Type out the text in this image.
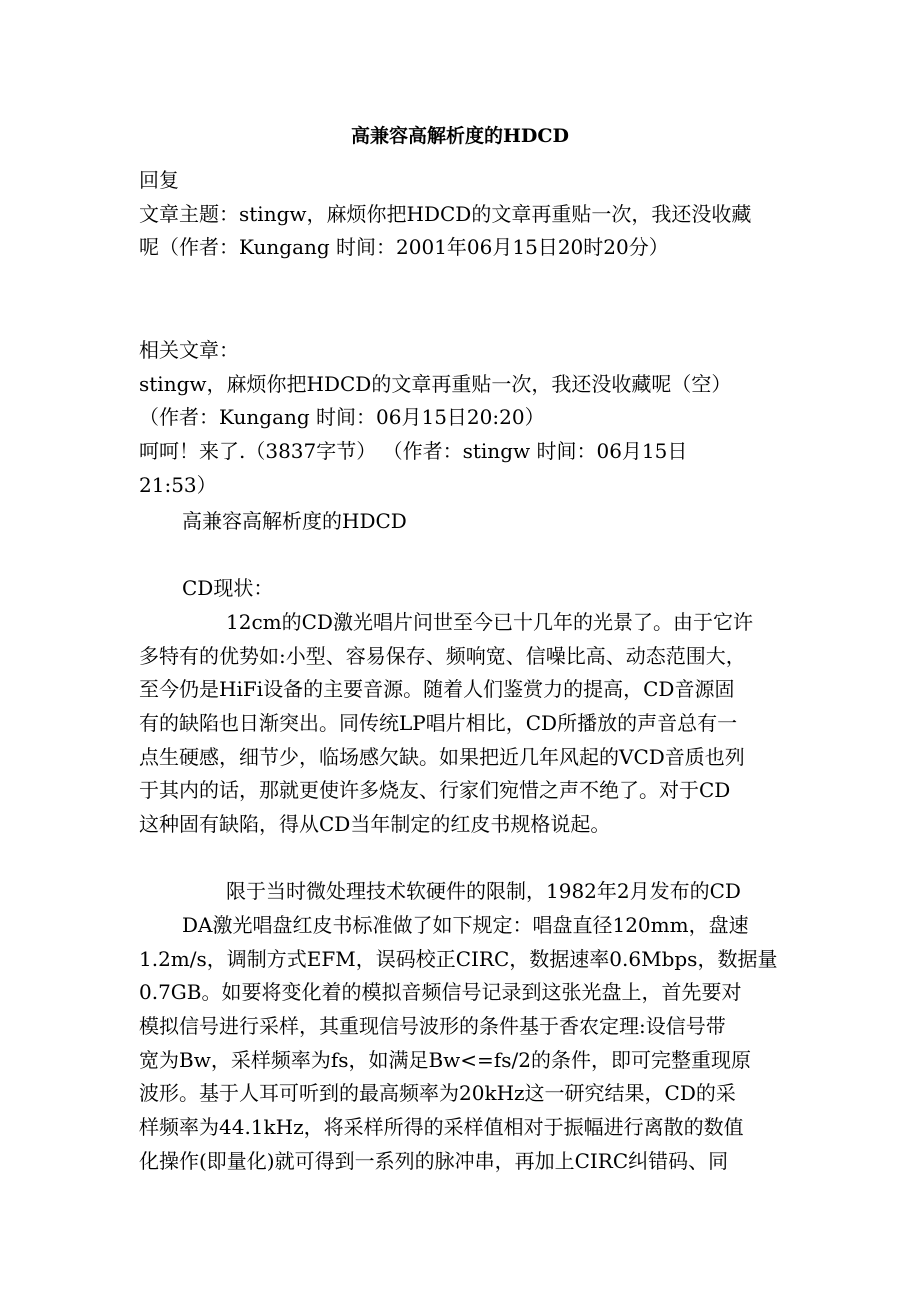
高兼容高解析度的HDCD
回复
文章主题：stingw，麻烦你把HDCD的文章再重贴一次，我还没收藏
呢（作者：Kungang 时间：2001年06月15日20时20分）
相关文章：
stingw，麻烦你把HDCD的文章再重贴一次，我还没收藏呢（空）
（作者：Kungang 时间：06月15日20:20）
呵呵！来了.（3837字节） （作者：stingw 时间：06月15日
21:53）
高兼容高解析度的HDCD
CD现状：
12cm的CD激光唱片问世至今已十几年的光景了。由于它许
多特有的优势如:小型、容易保存、频响宽、信噪比高、动态范围大，
至今仍是HiFi设备的主要音源。随着人们鉴赏力的提高，CD音源固
有的缺陷也日渐突出。同传统LP唱片相比，CD所播放的声音总有一
点生硬感，细节少，临场感欠缺。如果把近几年风起的VCD音质也列
于其内的话，那就更使许多烧友、行家们宛惜之声不绝了。对于CD
这种固有缺陷，得从CD当年制定的红皮书规格说起。
限于当时微处理技术软硬件的限制，1982年2月发布的CD
DA激光唱盘红皮书标准做了如下规定：唱盘直径120mm，盘速
1.2m/s，调制方式EFM，误码校正CIRC，数据速率0.6Mbps，数据量
0.7GB。如要将变化着的模拟音频信号记录到这张光盘上，首先要对
模拟信号进行采样，其重现信号波形的条件基于香农定理:设信号带
宽为Bw，采样频率为fs，如满足Bw<=fs/2的条件，即可完整重现原
波形。基于人耳可听到的最高频率为20kHz这一研究结果，CD的采
样频率为44.1kHz，将采样所得的采样值相对于振幅进行离散的数值
化操作(即量化)就可得到一系列的脉冲串，再加上CIRC纠错码、同
